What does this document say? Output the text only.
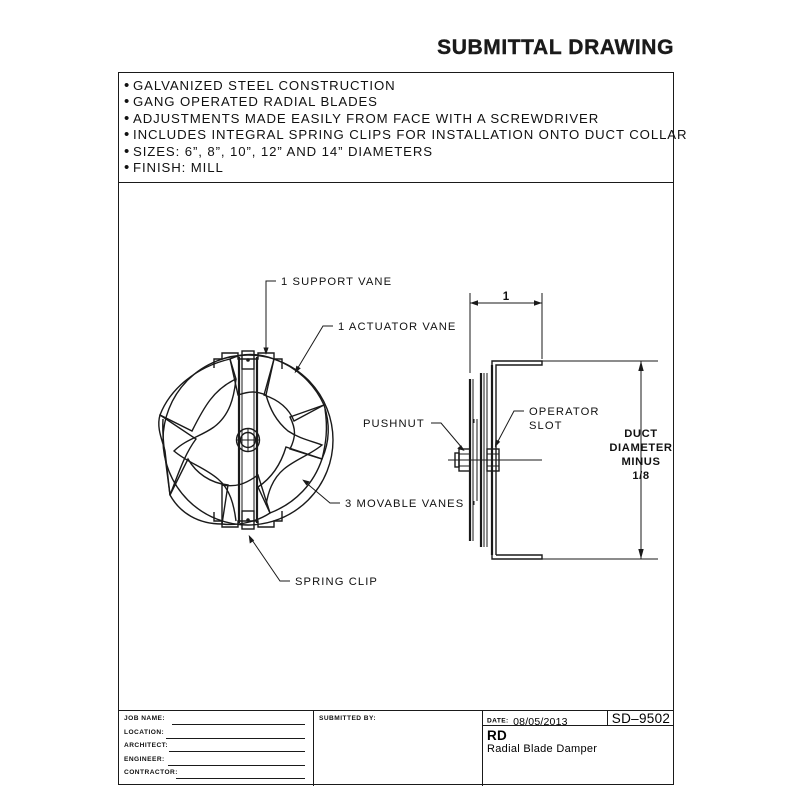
SUBMITTAL DRAWING
• GALVANIZED STEEL CONSTRUCTION
• GANG OPERATED RADIAL BLADES
• ADJUSTMENTS MADE EASILY FROM FACE WITH A SCREWDRIVER
• INCLUDES INTEGRAL SPRING CLIPS FOR INSTALLATION ONTO DUCT COLLAR
• SIZES: 6”, 8”, 10”, 12” AND 14” DIAMETERS
• FINISH: MILL
1 SUPPORT VANE
1 ACTUATOR VANE
3 MOVABLE VANES
SPRING CLIP
PUSHNUT
OPERATOR
SLOT
1
DUCT
DIAMETER
MINUS
1/8
JOB NAME:
LOCATION:
ARCHITECT:
ENGINEER:
CONTRACTOR:
SUBMITTED BY:	DATE: 08/05/2013	SD–9502
RD
Radial Blade Damper
